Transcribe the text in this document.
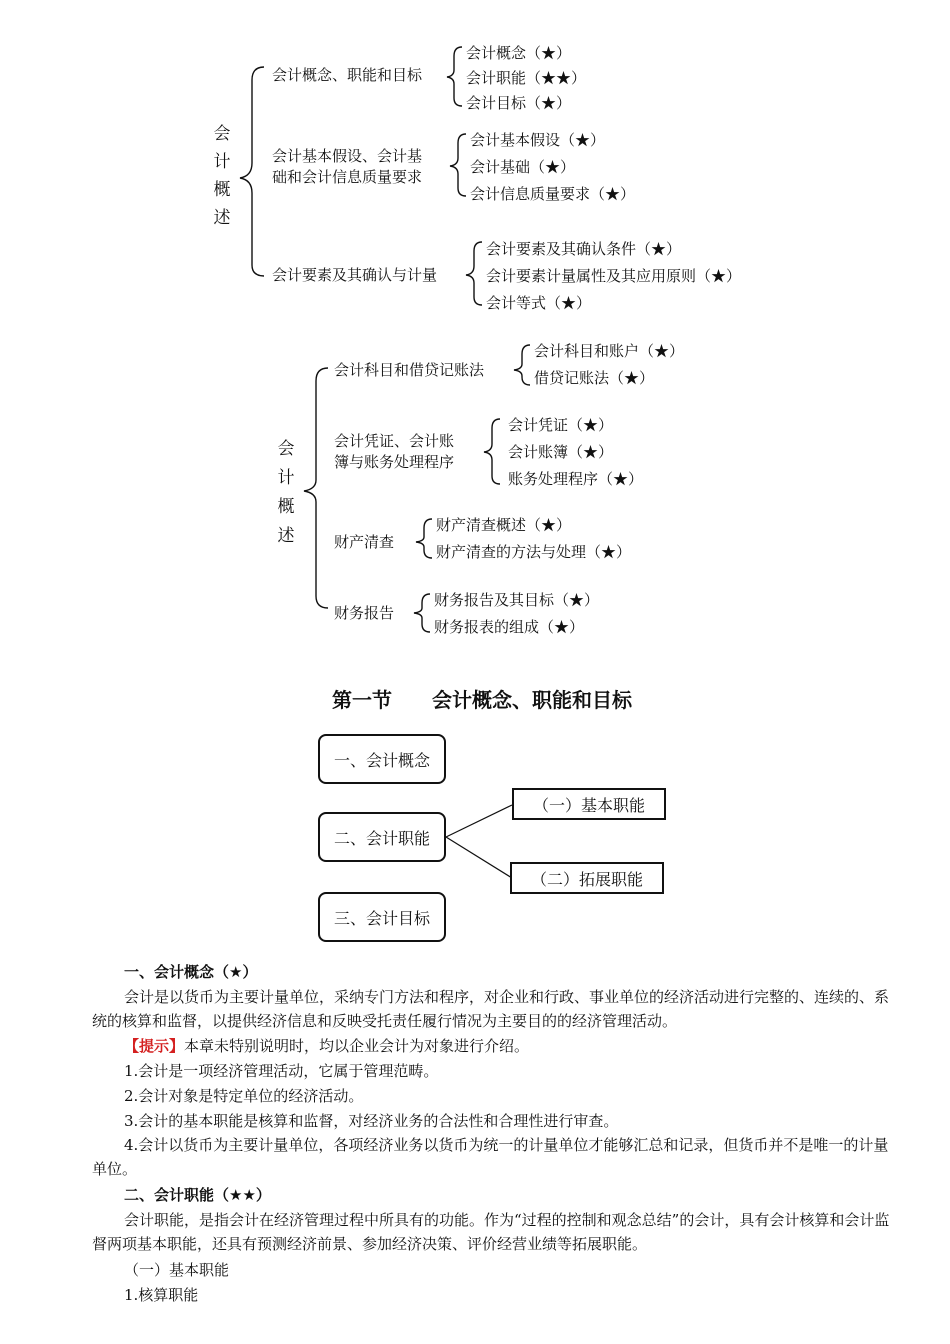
会
计
概
述
会计概念、职能和目标
会计概念（★）
会计职能（★★）
会计目标（★）
会计基本假设、会计基
础和会计信息质量要求
会计基本假设（★）
会计基础（★）
会计信息质量要求（★）
会计要素及其确认与计量
会计要素及其确认条件（★）
会计要素计量属性及其应用原则（★）
会计等式（★）
会
计
概
述
会计科目和借贷记账法
会计科目和账户（★）
借贷记账法（★）
会计凭证、会计账
簿与账务处理程序
会计凭证（★）
会计账簿（★）
账务处理程序（★）
财产清查
财产清查概述（★）
财产清查的方法与处理（★）
财务报告
财务报告及其目标（★）
财务报表的组成（★）
第一节　　会计概念、职能和目标
一、会计概念
二、会计职能
三、会计目标
（一）基本职能
（二）拓展职能
一、会计概念（★）
会计是以货币为主要计量单位，采纳专门方法和程序，对企业和行政、事业单位的经济活动进行完整的、连续的、系统的核算和监督，以提供经济信息和反映受托责任履行情况为主要目的的经济管理活动。
【提示】本章未特别说明时，均以企业会计为对象进行介绍。
1.会计是一项经济管理活动，它属于管理范畴。
2.会计对象是特定单位的经济活动。
3.会计的基本职能是核算和监督，对经济业务的合法性和合理性进行审查。
4.会计以货币为主要计量单位，各项经济业务以货币为统一的计量单位才能够汇总和记录，但货币并不是唯一的计量单位。
二、会计职能（★★）
会计职能，是指会计在经济管理过程中所具有的功能。作为“过程的控制和观念总结”的会计，具有会计核算和会计监督两项基本职能，还具有预测经济前景、参加经济决策、评价经营业绩等拓展职能。
（一）基本职能
1.核算职能
